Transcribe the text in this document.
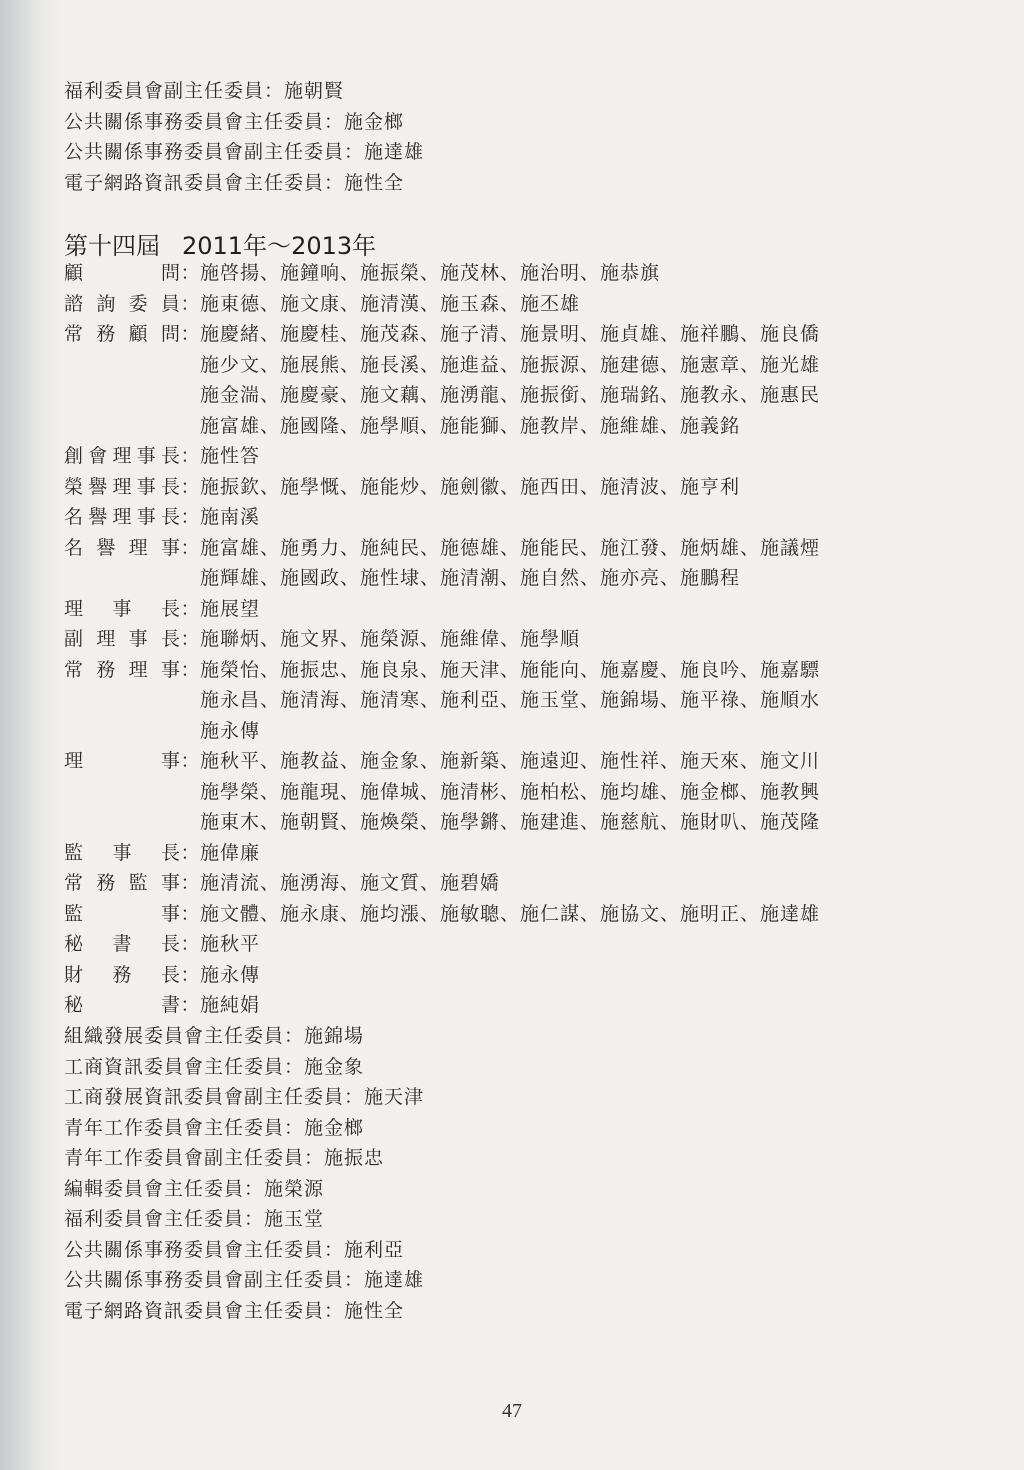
福利委員會副主任委員：施朝賢
公共關係事務委員會主任委員：施金榔
公共關係事務委員會副主任委員：施達雄
電子網路資訊委員會主任委員：施性全
第十四屆 2011年～2013年
顧	問 ： 施啓揚、施鐘响、施振榮、施茂林、施治明、施恭旗
諮 詢 委 員 ： 施東德、施文康、施清漢、施玉森、施丕雄
常 務 顧 問 ： 施慶緒、施慶桂、施茂森、施子清、施景明、施貞雄、施祥鵬、施良僑
施少文、施展熊、施長溪、施進益、施振源、施建德、施憲章、施光雄
施金湍、施慶豪、施文藕、施湧龍、施振銜、施瑞銘、施教永、施惠民
施富雄、施國隆、施學順、施能獅、施教岸、施維雄、施義銘
創 會 理 事 長 ： 施性答
榮 譽 理 事 長 ： 施振欽、施學慨、施能炒、施劍徽、施西田、施清波、施亨利
名 譽 理 事 長 ： 施南溪
名 譽 理 事 ： 施富雄、施勇力、施純民、施德雄、施能民、施江發、施炳雄、施議煙
施輝雄、施國政、施性埭、施清潮、施自然、施亦亮、施鵬程
理 事 長 ： 施展望
副 理 事 長 ： 施聯炳、施文界、施榮源、施維偉、施學順
常 務 理 事 ： 施榮怡、施振忠、施良泉、施天津、施能向、施嘉慶、施良吟、施嘉驃
施永昌、施清海、施清寒、施利亞、施玉堂、施錦場、施平祿、施順水
施永傳
理	事 ： 施秋平、施教益、施金象、施新築、施遠迎、施性祥、施天來、施文川
施學榮、施龍現、施偉城、施清彬、施柏松、施均雄、施金榔、施教興
施東木、施朝賢、施煥榮、施學鏘、施建進、施慈航、施財叭、施茂隆
監 事 長 ： 施偉廉
常 務 監 事 ： 施清流、施湧海、施文質、施碧嬌
監	事 ： 施文體、施永康、施均漲、施敏聰、施仁謀、施協文、施明正、施達雄
秘 書 長 ： 施秋平
財 務 長 ： 施永傳
秘	書 ： 施純娟
組織發展委員會主任委員：施錦場
工商資訊委員會主任委員：施金象
工商發展資訊委員會副主任委員：施天津
青年工作委員會主任委員：施金榔
青年工作委員會副主任委員：施振忠
編輯委員會主任委員：施榮源
福利委員會主任委員：施玉堂
公共關係事務委員會主任委員：施利亞
公共關係事務委員會副主任委員：施達雄
電子網路資訊委員會主任委員：施性全
47
